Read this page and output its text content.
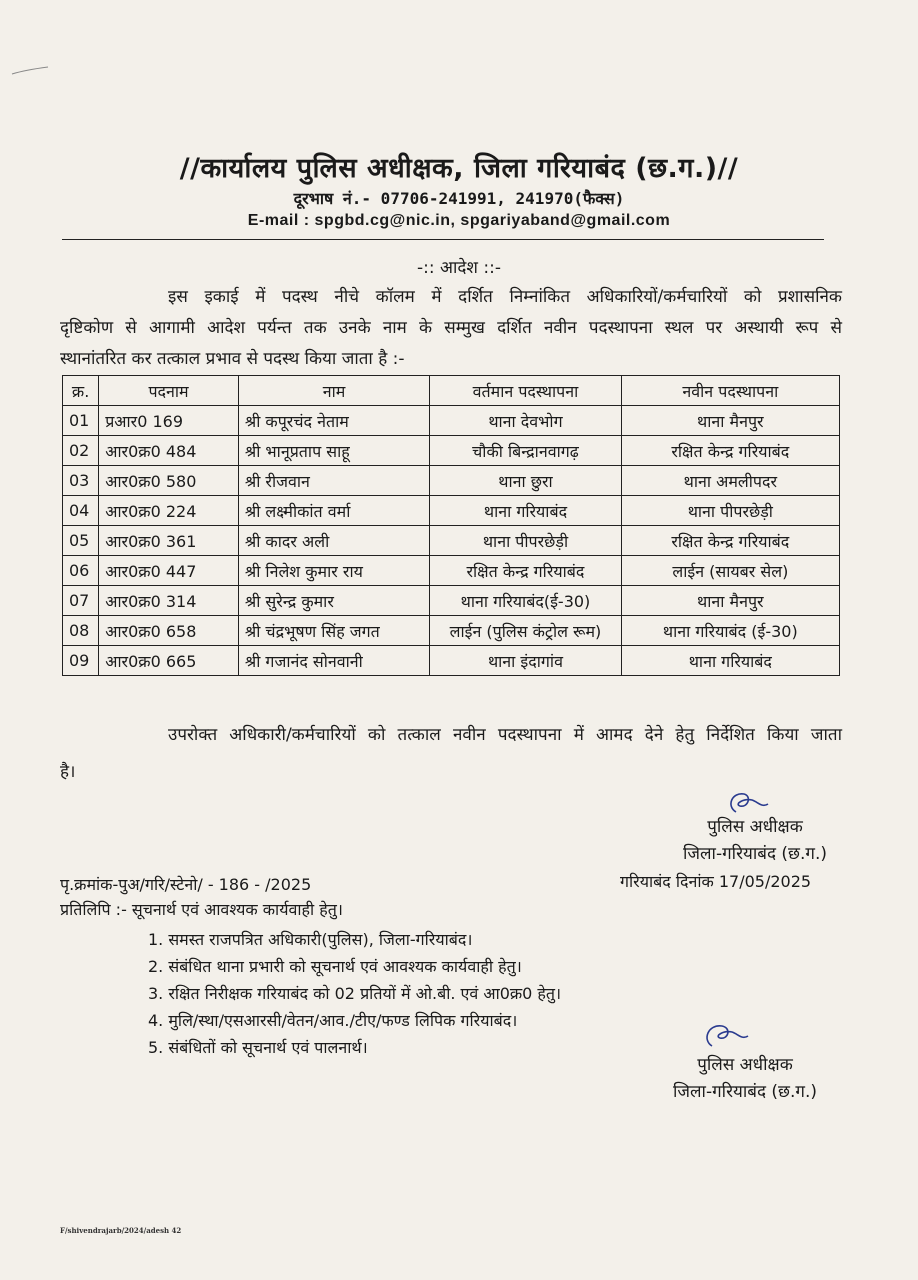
//कार्यालय पुलिस अधीक्षक, जिला गरियाबंद (छ.ग.)//
दूरभाष नं.- 07706-241991, 241970(फैक्स)
E-mail : spgbd.cg@nic.in, spgariyaband@gmail.com
-:: आदेश ::-
इस इकाई में पदस्थ नीचे कॉलम में दर्शित निम्नांकित अधिकारियों/कर्मचारियों को प्रशासनिक
दृष्टिकोण से आगामी आदेश पर्यन्त तक उनके नाम के सम्मुख दर्शित नवीन पदस्थापना स्थल पर अस्थायी रूप से
स्थानांतरित कर तत्काल प्रभाव से पदस्थ किया जाता है :-
क्र.	पदनाम	नाम	वर्तमान पदस्थापना	नवीन पदस्थापना
01	प्रआर0 169	श्री कपूरचंद नेताम	थाना देवभोग	थाना मैनपुर
02	आर0क्र0 484	श्री भानूप्रताप साहू	चौकी बिन्द्रानवागढ़	रक्षित केन्द्र गरियाबंद
03	आर0क्र0 580	श्री रीजवान	थाना छुरा	थाना अमलीपदर
04	आर0क्र0 224	श्री लक्ष्मीकांत वर्मा	थाना गरियाबंद	थाना पीपरछेड़ी
05	आर0क्र0 361	श्री कादर अली	थाना पीपरछेड़ी	रक्षित केन्द्र गरियाबंद
06	आर0क्र0 447	श्री निलेश कुमार राय	रक्षित केन्द्र गरियाबंद	लाईन (सायबर सेल)
07	आर0क्र0 314	श्री सुरेन्द्र कुमार	थाना गरियाबंद(ई-30)	थाना मैनपुर
08	आर0क्र0 658	श्री चंद्रभूषण सिंह जगत	लाईन (पुलिस कंट्रोल रूम)	थाना गरियाबंद (ई-30)
09	आर0क्र0 665	श्री गजानंद सोनवानी	थाना इंदागांव	थाना गरियाबंद
उपरोक्त अधिकारी/कर्मचारियों को तत्काल नवीन पदस्थापना में आमद देने हेतु निर्देशित किया जाता
है।
पुलिस अधीक्षक
जिला-गरियाबंद (छ.ग.)
पृ.क्रमांक-पुअ/गरि/स्टेनो/ - 186 - /2025	गरियाबंद दिनांक 17/05/2025
प्रतिलिपि :- सूचनार्थ एवं आवश्यक कार्यवाही हेतु।
1. समस्त राजपत्रित अधिकारी(पुलिस), जिला-गरियाबंद।
2. संबंधित थाना प्रभारी को सूचनार्थ एवं आवश्यक कार्यवाही हेतु।
3. रक्षित निरीक्षक गरियाबंद को 02 प्रतियों में ओ.बी. एवं आ0क्र0 हेतु।
4. मुलि/स्था/एसआरसी/वेतन/आव./टीए/फण्ड लिपिक गरियाबंद।
5. संबंधितों को सूचनार्थ एवं पालनार्थ।
पुलिस अधीक्षक
जिला-गरियाबंद (छ.ग.)
F/shivendrajarb/2024/adesh 42
